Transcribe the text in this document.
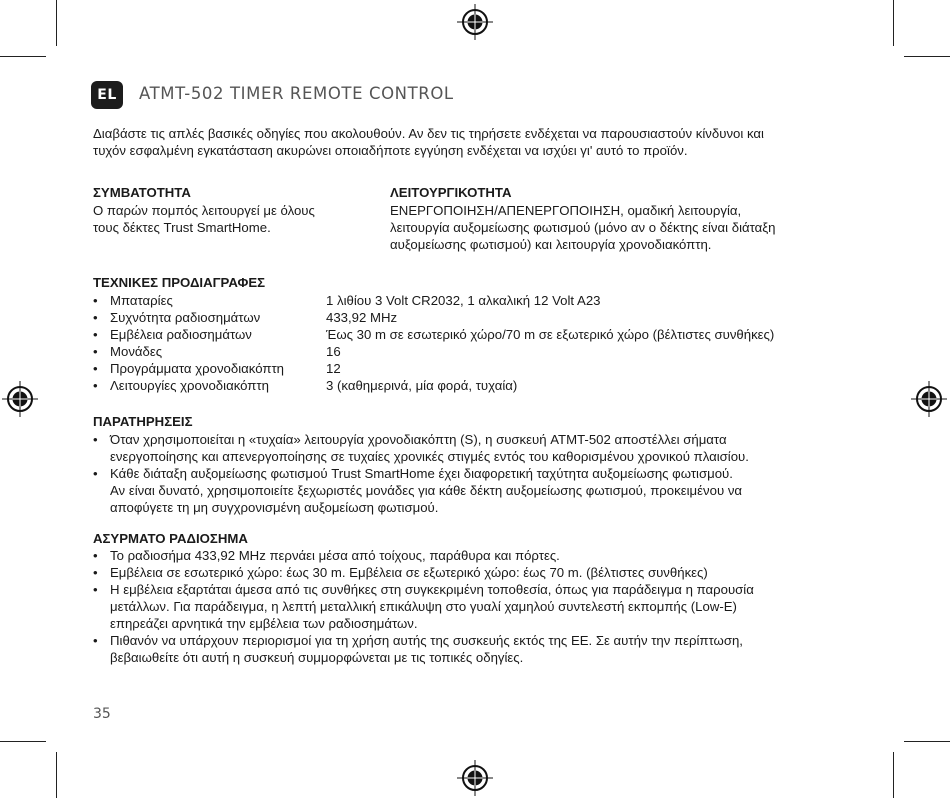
EL	ATMT-502 TIMER REMOTE CONTROL
Διαβάστε τις απλές βασικές οδηγίες που ακολουθούν. Αν δεν τις τηρήσετε ενδέχεται να παρουσιαστούν κίνδυνοι και
τυχόν εσφαλμένη εγκατάσταση ακυρώνει οποιαδήποτε εγγύηση ενδέχεται να ισχύει γι' αυτό το προϊόν.
ΣΥΜΒΑΤΟΤΗΤΑ
Ο παρών πομπός λειτουργεί με όλους
τους δέκτες Trust SmartHome.
ΛΕΙΤΟΥΡΓΙΚΟΤΗΤΑ
ΕΝΕΡΓΟΠΟΙΗΣΗ/ΑΠΕΝΕΡΓΟΠΟΙΗΣΗ, ομαδική λειτουργία,
λειτουργία αυξομείωσης φωτισμού (μόνο αν ο δέκτης είναι διάταξη
αυξομείωσης φωτισμού) και λειτουργία χρονοδιακόπτη.
ΤΕΧΝΙΚΕΣ ΠΡΟΔΙΑΓΡΑΦΕΣ
• Μπαταρίες	1 λιθίου 3 Volt CR2032, 1 αλκαλική 12 Volt A23
• Συχνότητα ραδιοσημάτων	433,92 MHz
• Εμβέλεια ραδιοσημάτων	Έως 30 m σε εσωτερικό χώρο/70 m σε εξωτερικό χώρο (βέλτιστες συνθήκες)
• Μονάδες	16
• Προγράμματα χρονοδιακόπτη	12
• Λειτουργίες χρονοδιακόπτη	3 (καθημερινά, μία φορά, τυχαία)
ΠΑΡΑΤΗΡΗΣΕΙΣ
• Όταν χρησιμοποιείται η «τυχαία» λειτουργία χρονοδιακόπτη (S), η συσκευή ATMT-502 αποστέλλει σήματα
ενεργοποίησης και απενεργοποίησης σε τυχαίες χρονικές στιγμές εντός του καθορισμένου χρονικού πλαισίου.
• Κάθε διάταξη αυξομείωσης φωτισμού Trust SmartHome έχει διαφορετική ταχύτητα αυξομείωσης φωτισμού.
Αν είναι δυνατό, χρησιμοποιείτε ξεχωριστές μονάδες για κάθε δέκτη αυξομείωσης φωτισμού, προκειμένου να
αποφύγετε τη μη συγχρονισμένη αυξομείωση φωτισμού.
ΑΣΥΡΜΑΤΟ ΡΑΔΙΟΣΗΜΑ
• Το ραδιοσήμα 433,92 MHz περνάει μέσα από τοίχους, παράθυρα και πόρτες.
• Εμβέλεια σε εσωτερικό χώρο: έως 30 m. Εμβέλεια σε εξωτερικό χώρο: έως 70 m. (βέλτιστες συνθήκες)
• Η εμβέλεια εξαρτάται άμεσα από τις συνθήκες στη συγκεκριμένη τοποθεσία, όπως για παράδειγμα η παρουσία
μετάλλων. Για παράδειγμα, η λεπτή μεταλλική επικάλυψη στο γυαλί χαμηλού συντελεστή εκπομπής (Low-E)
επηρεάζει αρνητικά την εμβέλεια των ραδιοσημάτων.
• Πιθανόν να υπάρχουν περιορισμοί για τη χρήση αυτής της συσκευής εκτός της ΕΕ. Σε αυτήν την περίπτωση,
βεβαιωθείτε ότι αυτή η συσκευή συμμορφώνεται με τις τοπικές οδηγίες.
35
